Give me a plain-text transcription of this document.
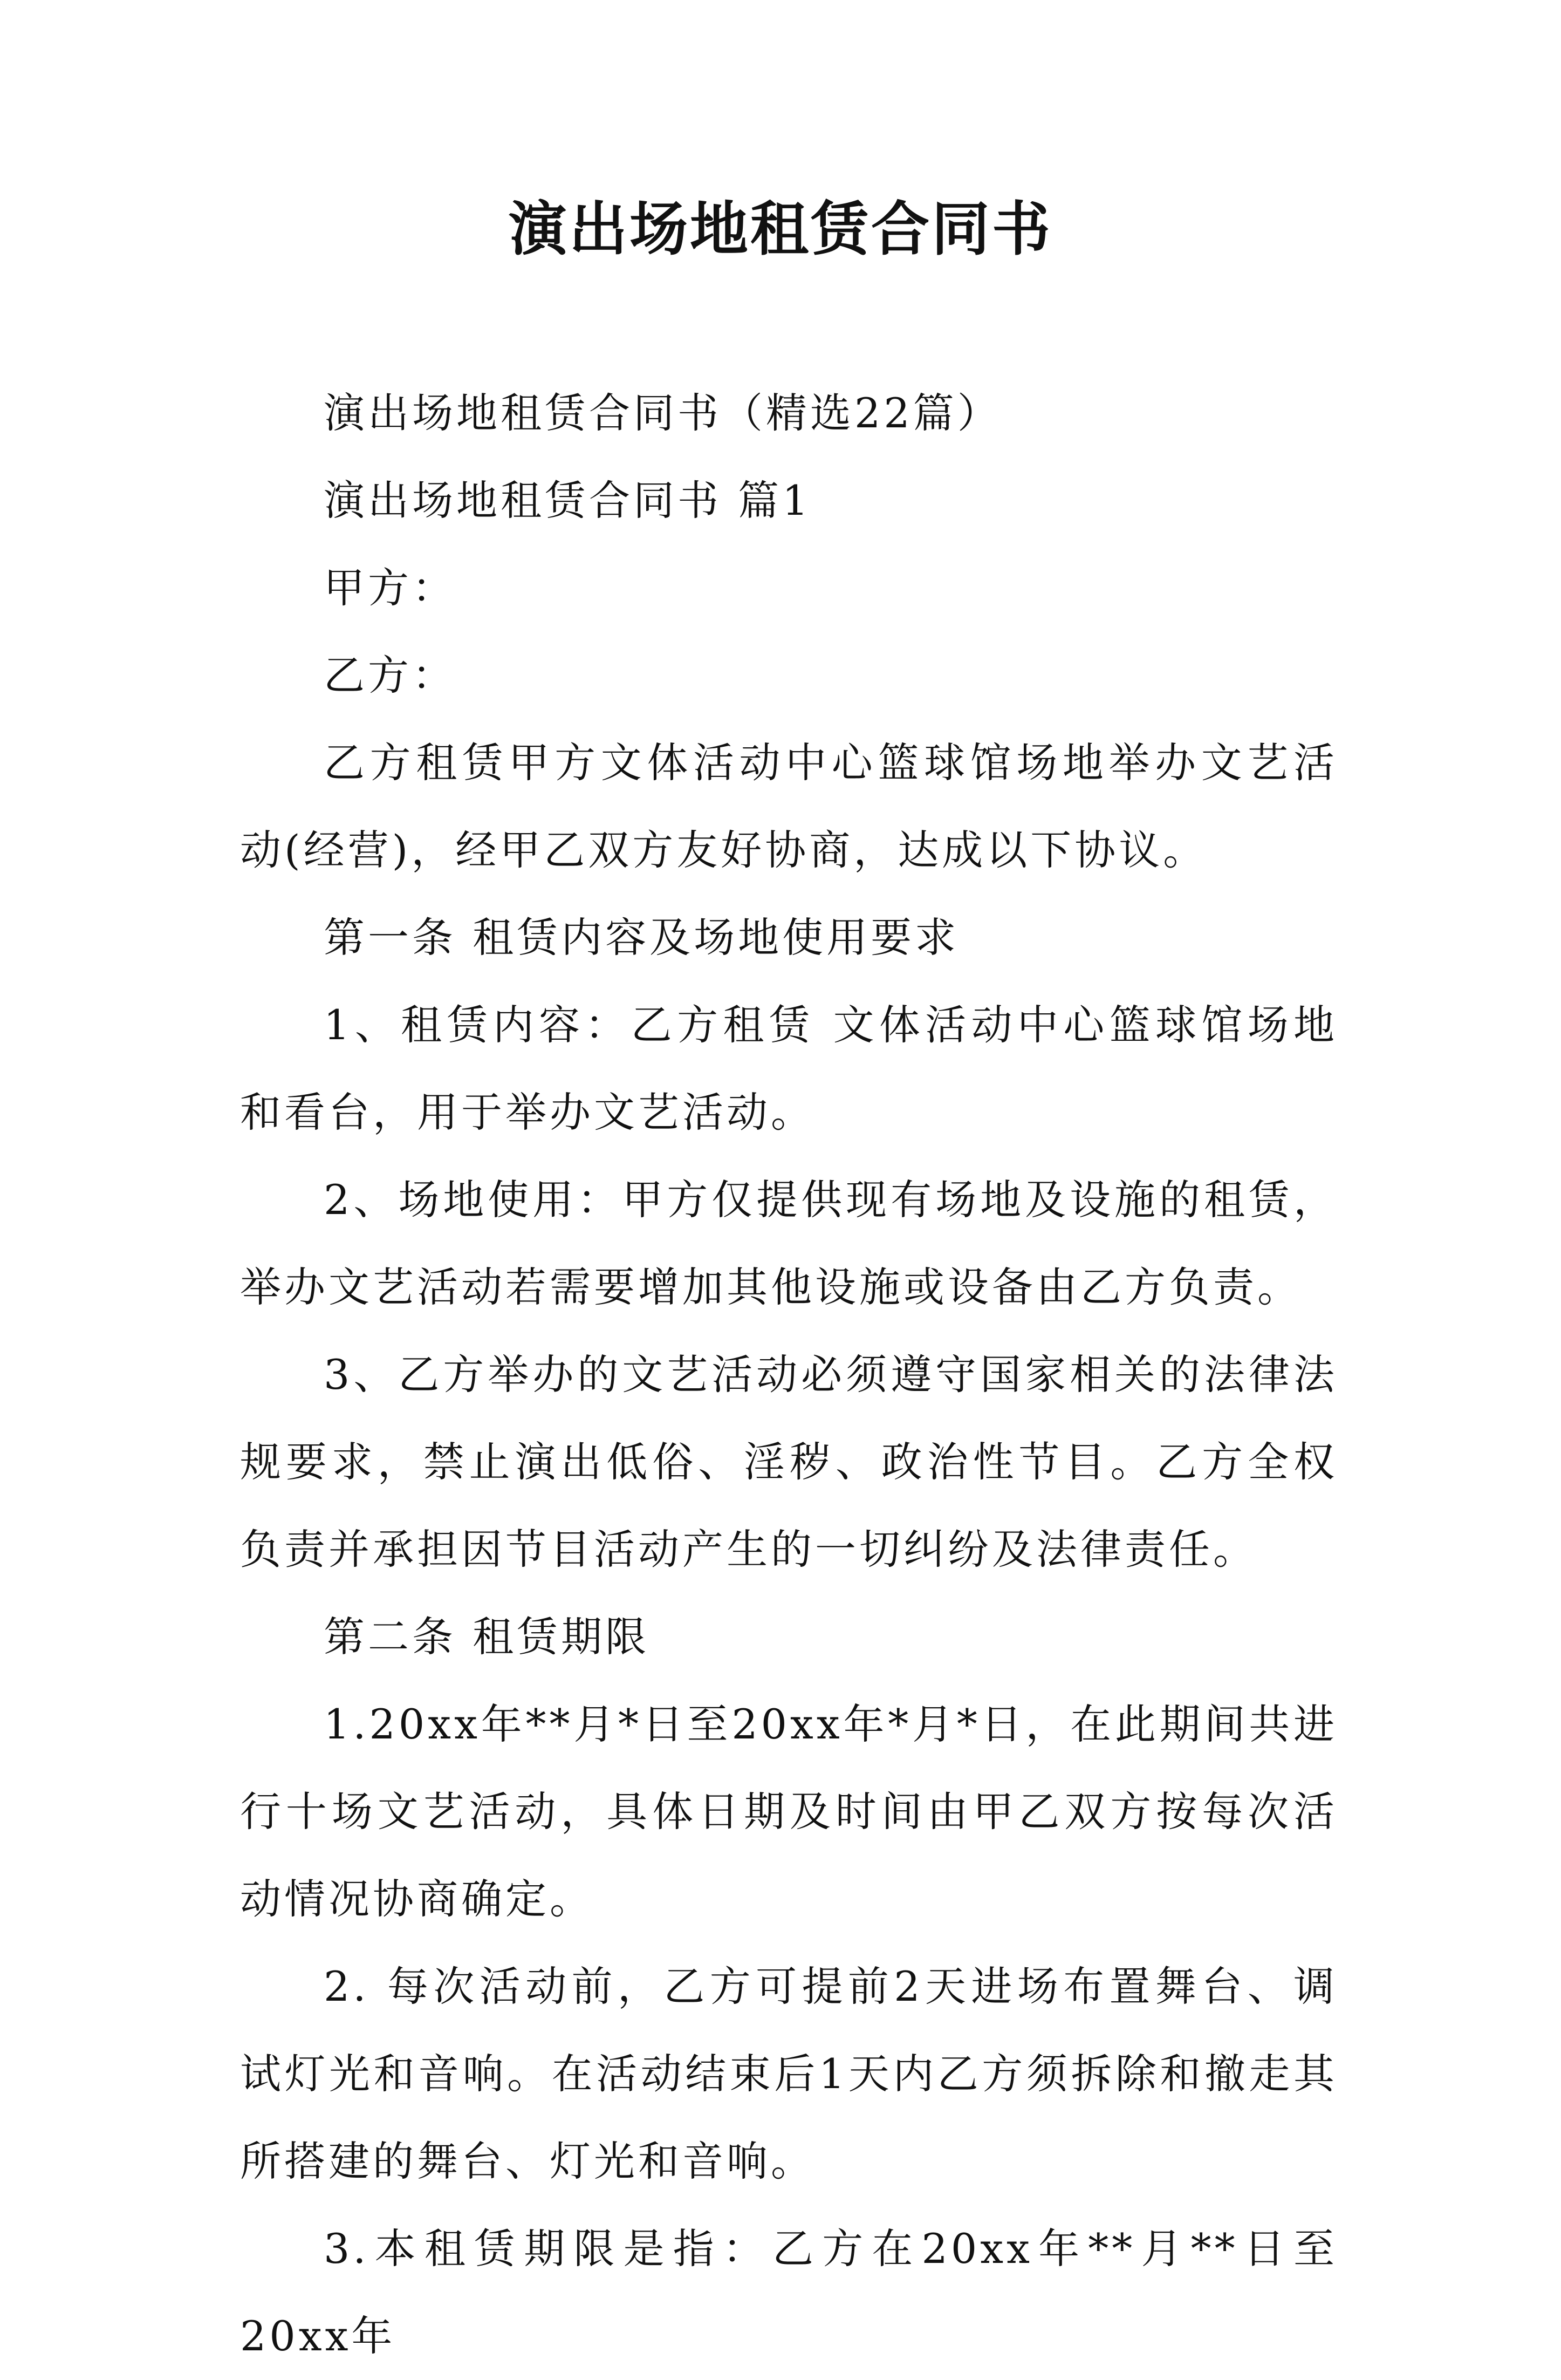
演出场地租赁合同书

演出场地租赁合同书（精选22篇）

演出场地租赁合同书 篇1

甲方：

乙方：

乙方租赁甲方文体活动中心篮球馆场地举办文艺活动(经营)，经甲乙双方友好协商，达成以下协议。

第一条 租赁内容及场地使用要求

1、租赁内容：乙方租赁 文体活动中心篮球馆场地和看台，用于举办文艺活动。

2、场地使用：甲方仅提供现有场地及设施的租赁，举办文艺活动若需要增加其他设施或设备由乙方负责。

3、乙方举办的文艺活动必须遵守国家相关的法律法规要求，禁止演出低俗、淫秽、政治性节目。乙方全权负责并承担因节目活动产生的一切纠纷及法律责任。

第二条 租赁期限

1.20xx年**月*日至20xx年*月*日，在此期间共进行十场文艺活动，具体日期及时间由甲乙双方按每次活动情况协商确定。

2. 每次活动前，乙方可提前2天进场布置舞台、调试灯光和音响。在活动结束后1天内乙方须拆除和撤走其所搭建的舞台、灯光和音响。

3.本租赁期限是指：乙方在20xx年**月**日至20xx年
